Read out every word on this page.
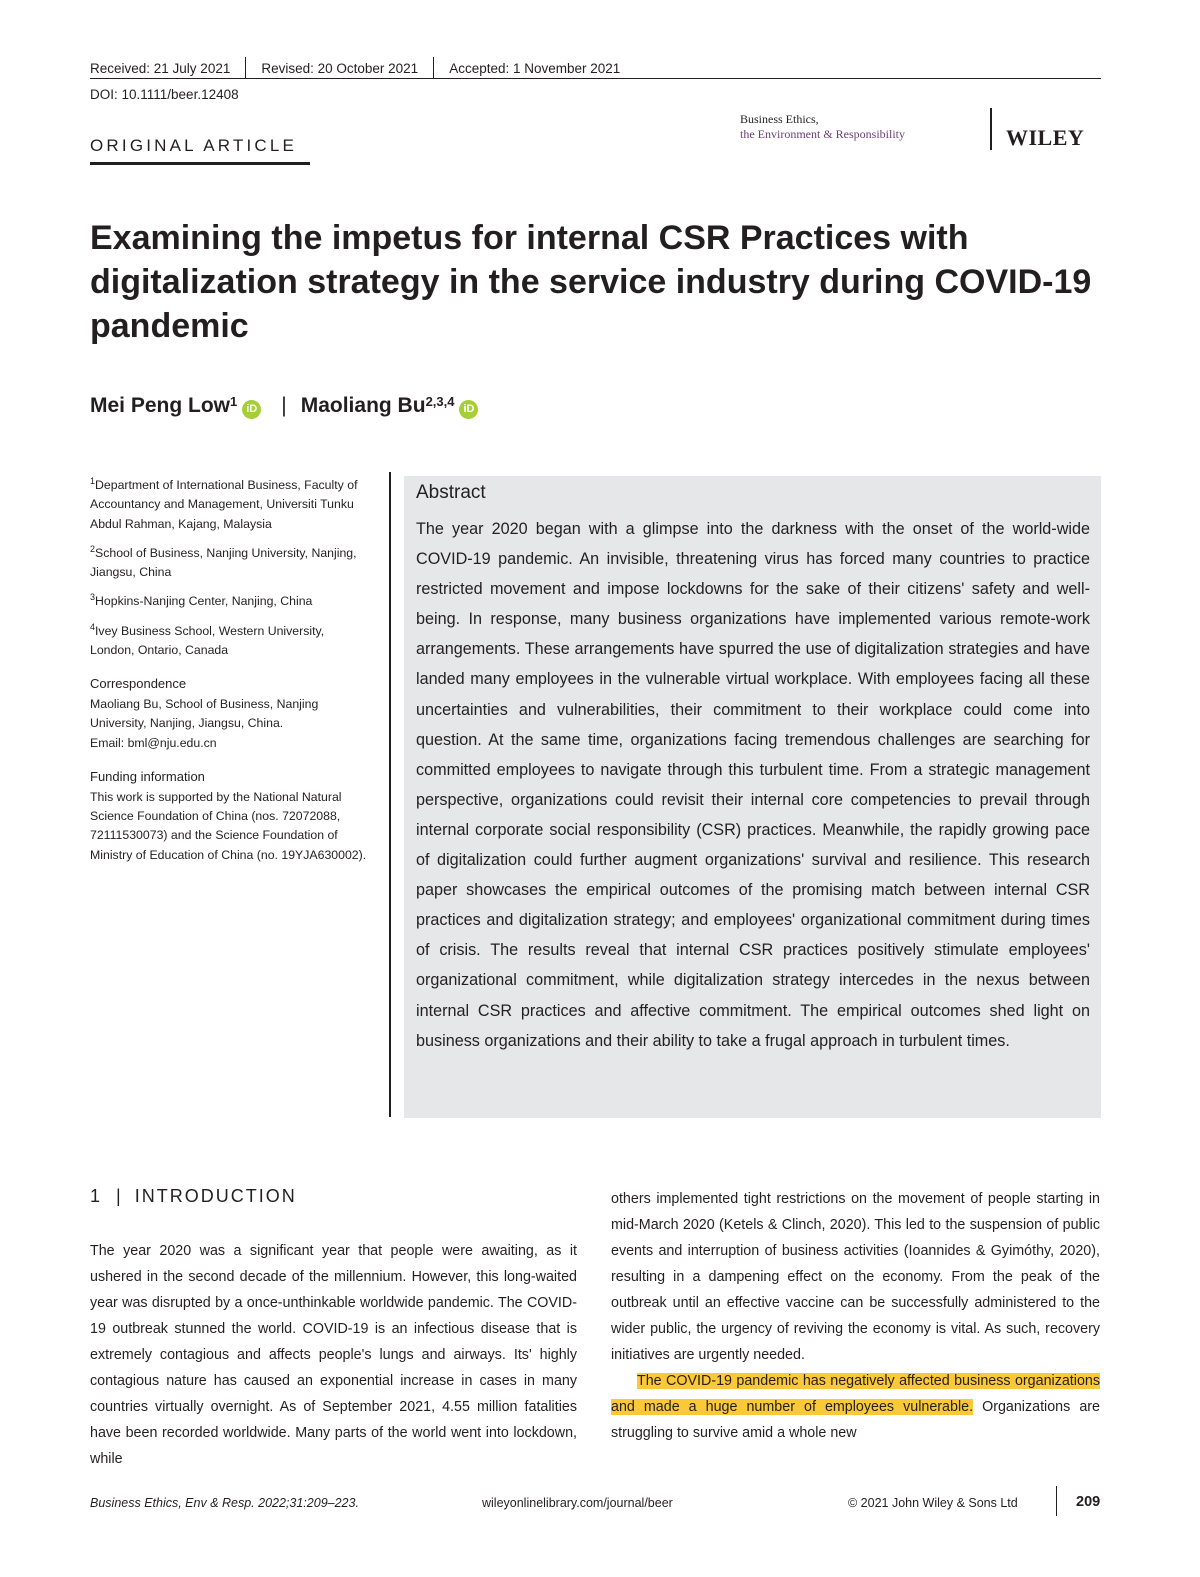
Received: 21 July 2021 Revised: 20 October 2021 Accepted: 1 November 2021
DOI: 10.1111/beer.12408
ORIGINAL ARTICLE
Business Ethics,
the Environment & Responsibility	WILEY
Examining the impetus for internal CSR Practices with digitalization strategy in the service industry during COVID-19 pandemic
Mei Peng Low$^1$ iD | Maoliang Bu$^{2,3,4}$ iD

$^1$Department of International Business, Faculty of Accountancy and Management, Universiti Tunku Abdul Rahman, Kajang, Malaysia

$^2$School of Business, Nanjing University, Nanjing, Jiangsu, China

$^3$Hopkins-Nanjing Center, Nanjing, China

$^4$Ivey Business School, Western University, London, Ontario, Canada

Correspondence

Maoliang Bu, School of Business, Nanjing University, Nanjing, Jiangsu, China.

Email: bml@nju.edu.cn

Funding information

This work is supported by the National Natural Science Foundation of China (nos. 72072088, 72111530073) and the Science Foundation of Ministry of Education of China (no. 19YJA630002).

Abstract
The year 2020 began with a glimpse into the darkness with the onset of the world-wide COVID-19 pandemic. An invisible, threatening virus has forced many countries to practice restricted movement and impose lockdowns for the sake of their citizens' safety and well-being. In response, many business organizations have implemented various remote-work arrangements. These arrangements have spurred the use of digitalization strategies and have landed many employees in the vulnerable virtual workplace. With employees facing all these uncertainties and vulnerabilities, their commitment to their workplace could come into question. At the same time, organizations facing tremendous challenges are searching for committed employees to navigate through this turbulent time. From a strategic management perspective, organizations could revisit their internal core competencies to prevail through internal corporate social responsibility (CSR) practices. Meanwhile, the rapidly growing pace of digitalization could further augment organizations' survival and resilience. This research paper showcases the empirical outcomes of the promising match between internal CSR practices and digitalization strategy; and employees' organizational commitment during times of crisis. The results reveal that internal CSR practices positively stimulate employees' organizational commitment, while digitalization strategy intercedes in the nexus between internal CSR practices and affective commitment. The empirical outcomes shed light on business organizations and their ability to take a frugal approach in turbulent times.
1 | INTRODUCTION
The year 2020 was a significant year that people were awaiting, as it ushered in the second decade of the millennium. However, this long-waited year was disrupted by a once-unthinkable worldwide pandemic. The COVID-19 outbreak stunned the world. COVID-19 is an infectious disease that is extremely contagious and affects people's lungs and airways. Its' highly contagious nature has caused an exponential increase in cases in many countries virtually overnight. As of September 2021, 4.55 million fatalities have been recorded worldwide. Many parts of the world went into lockdown, while

others implemented tight restrictions on the movement of people starting in mid-March 2020 (Ketels & Clinch, 2020). This led to the suspension of public events and interruption of business activities (Ioannides & Gyimóthy, 2020), resulting in a dampening effect on the economy. From the peak of the outbreak until an effective vaccine can be successfully administered to the wider public, the urgency of reviving the economy is vital. As such, recovery initiatives are urgently needed.

The COVID-19 pandemic has negatively affected business organizations and made a huge number of employees vulnerable. Organizations are struggling to survive amid a whole new

Business Ethics, Env & Resp. 2022;31:209–223.	wileyonlinelibrary.com/journal/beer	© 2021 John Wiley & Sons Ltd	209
